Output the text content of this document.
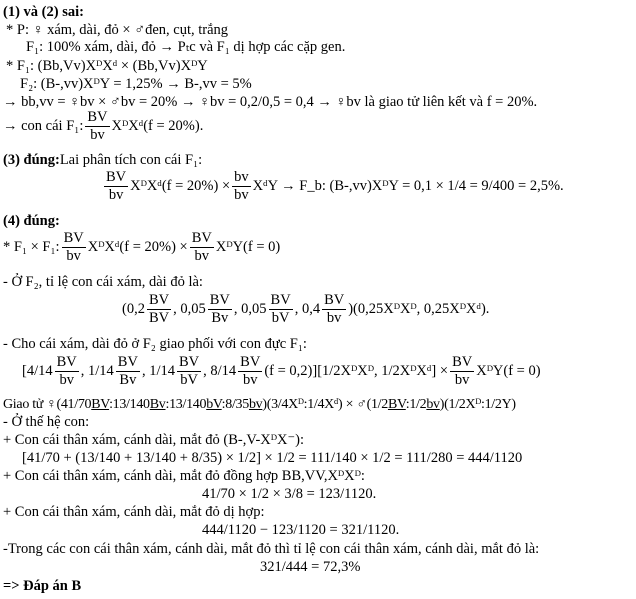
(1) và (2) sai:
* P: ♀ xám, dài, đỏ × ♂đen, cụt, trắng
F₁: 100% xám, dài, đỏ → Pₜc và F₁ dị hợp các cặp gen.
* F₁: (Bb,Vv)XᴰXᵈ × (Bb,Vv)XᴰY
F₂: (B-,vv)XᴰY = 1,25% → B-,vv = 5%
→ bb,vv = ♀bv × ♂bv = 20% → ♀bv = 0,2/0,5 = 0,4 → ♀bv là giao tử liên kết và f = 20%.
→ con cái F₁: $\frac{BV}{bv}$ XᴰXᵈ(f = 20%).
(3) đúng:Lai phân tích con cái F₁:
$\frac{BV}{bv}$ XᴰXᵈ(f = $20\%) \times \frac{bv}{bv}$ XᵈY → F_b: (B-,vv)XᴰY = 0,1 × 1/4 = 9/400 = 2,5%.
(4) đúng:
* F₁ × F₁: $\frac{BV}{bv}$ XᴰXᵈ(f = $20\%) \times \frac{BV}{bv}$ XᴰY(f = 0)
- Ở F₂, tỉ lệ con cái xám, dài đỏ là:
($0,2 \frac{BV}{BV}$ , $0,05 \frac{BV}{Bv}$ , $0,05 \frac{BV}{bV}$ , $0,4 \frac{BV}{bv}$ )(0,25XᴰXᴰ, 0,25XᴰXᵈ).
- Cho cái xám, dài đỏ ở F₂ giao phối với con đực F₁:
[$4/14 \frac{BV}{bv}$ , $1/14 \frac{BV}{Bv}$ , $1/14 \frac{BV}{bV}$ , $8/14 \frac{BV}{bv} (f$ = 0,2)][1/2XᴰXᴰ, 1/2XᴰXᵈ] × $\frac{BV}{bv}$ XᴰY(f = 0)
Giao tử ♀(41/70BV:13/140Bv:13/140bV:8/35bv)(3/4Xᴰ:1/4Xᵈ) × ♂(1/2BV:1/2bv)(1/2Xᴰ:1/2Y)
- Ở thế hệ con:
+ Con cái thân xám, cánh dài, mắt đỏ (B-,V-XᴰX⁻):
[41/70 + (13/140 + 13/140 + 8/35) × 1/2] × 1/2 = 111/140 × 1/2 = 111/280 = 444/1120
+ Con cái thân xám, cánh dài, mắt đỏ đồng hợp BB,VV,XᴰXᴰ:
41/70 × 1/2 × 3/8 = 123/1120.
+ Con cái thân xám, cánh dài, mắt đỏ dị hợp:
444/1120 − 123/1120 = 321/1120.
-Trong các con cái thân xám, cánh dài, mắt đỏ thì tỉ lệ con cái thân xám, cánh dài, mắt đỏ là:
321/444 = 72,3%
=> Đáp án B
